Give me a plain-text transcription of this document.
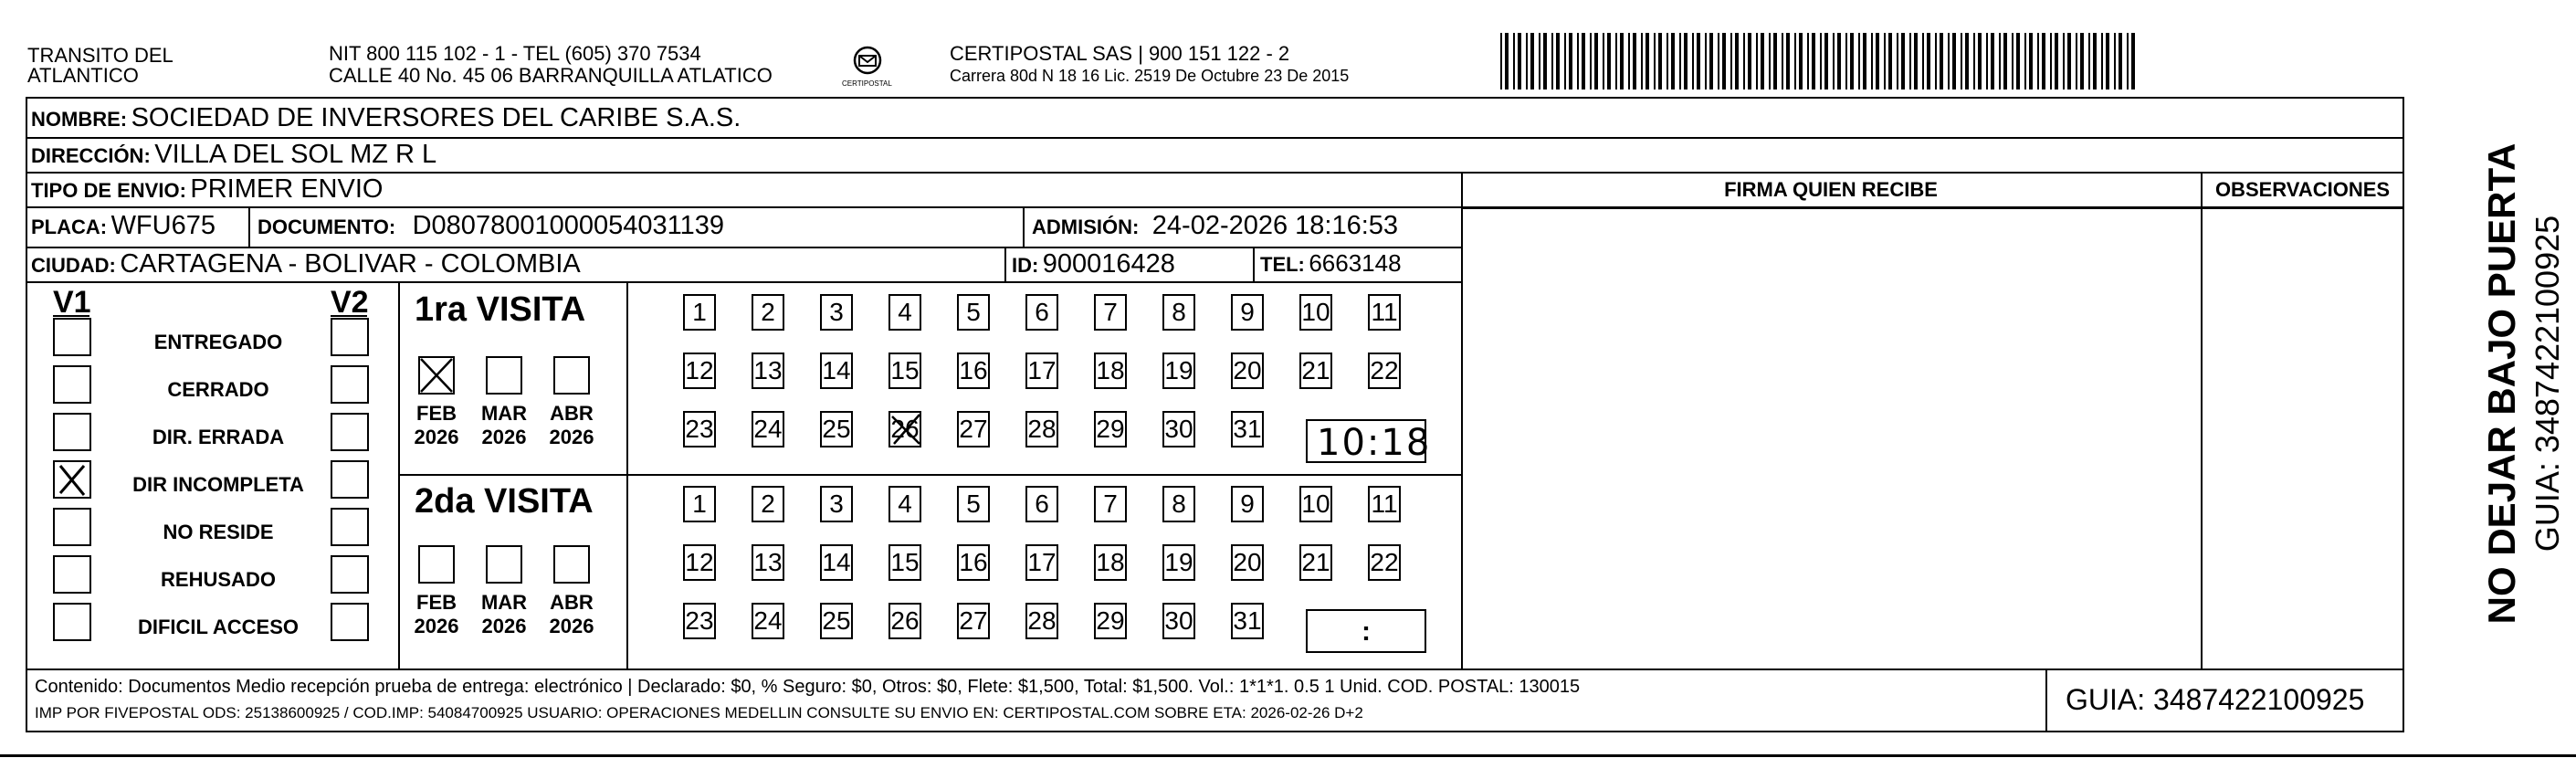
TRANSITO DEL
ATLANTICO
NIT 800 115 102 - 1 - TEL (605) 370 7534
CALLE 40 No. 45 06 BARRANQUILLA ATLATICO	CERTIPOSTAL
CERTIPOSTAL SAS | 900 151 122 - 2
Carrera 80d N 18 16 Lic. 2519 De Octubre 23 De 2015
NOMBRE: SOCIEDAD DE INVERSORES DEL CARIBE S.A.S.
DIRECCIÓN: VILLA DEL SOL MZ R L
TIPO DE ENVIO: PRIMER ENVIO
PLACA: WFU675 DOCUMENTO: D08078001000054031139	ADMISIÓN: 24-02-2026 18:16:53
CIUDAD: CARTAGENA - BOLIVAR - COLOMBIA	ID: 900016428	TEL: 6663148
FIRMA QUIEN RECIBE	OBSERVACIONES
V1	V2
ENTREGADO
CERRADO
DIR. ERRADA
DIR INCOMPLETA
NO RESIDE
REHUSADO
DIFICIL ACCESO
1ra VISITA
2da VISITA
FEB
2026
MAR
2026
ABR
2026
FEB
2026
MAR
2026
ABR
2026
1	2	3	4	5	6	7	8	9	10 11
12 13 14 15 16 17 18 19 20 21 22
23 24 25 26 27 28 29 30 31
1	2	3	4	5	6	7	8	9	10 11
12 13 14 15 16 17 18 19 20 21 22
23 24 25 26 27 28 29 30 31
10:18
:
Contenido: Documentos Medio recepción prueba de entrega: electrónico | Declarado: $0, % Seguro: $0, Otros: $0, Flete: $1,500, Total: $1,500. Vol.: 1*1*1. 0.5 1 Unid. COD. POSTAL: 130015
IMP POR FIVEPOSTAL ODS: 25138600925 / COD.IMP: 54084700925 USUARIO: OPERACIONES MEDELLIN CONSULTE SU ENVIO EN: CERTIPOSTAL.COM SOBRE ETA: 2026-02-26 D+2	GUIA: 3487422100925
NO DEJAR BAJO PUERTA GUIA: 3487422100925
